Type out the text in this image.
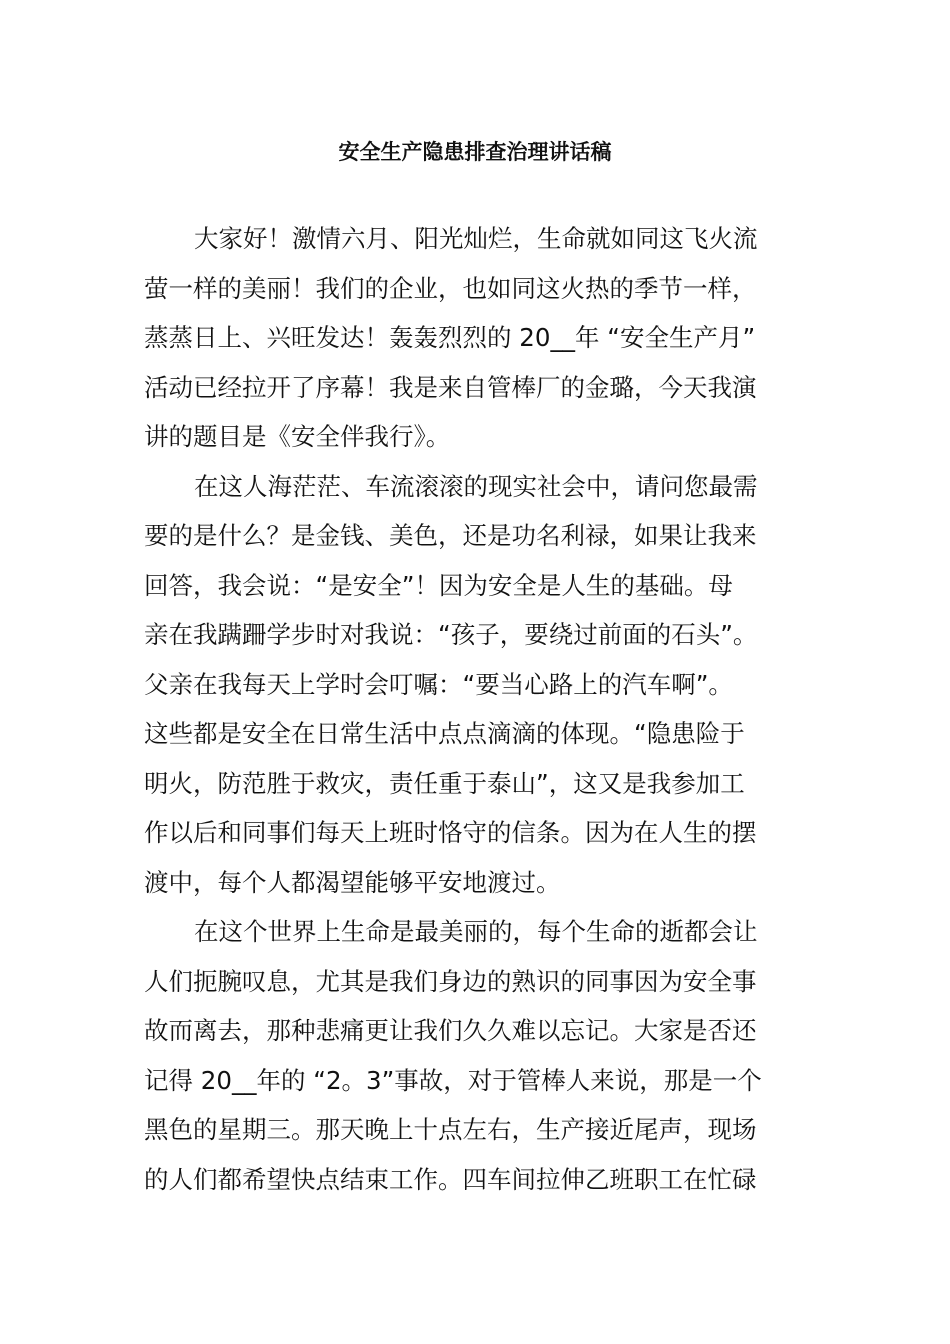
安全生产隐患排查治理讲话稿
大家好！激情六月、阳光灿烂，生命就如同这飞火流
萤一样的美丽！我们的企业，也如同这火热的季节一样，
蒸蒸日上、兴旺发达！轰轰烈烈的 20__年 “安全生产月”
活动已经拉开了序幕！我是来自管棒厂的金璐，今天我演
讲的题目是《安全伴我行》。
在这人海茫茫、车流滚滚的现实社会中，请问您最需
要的是什么？是金钱、美色，还是功名利禄，如果让我来
回答，我会说：“是安全”！因为安全是人生的基础。母
亲在我蹒跚学步时对我说：“孩子，要绕过前面的石头”。
父亲在我每天上学时会叮嘱：“要当心路上的汽车啊”。
这些都是安全在日常生活中点点滴滴的体现。“隐患险于
明火，防范胜于救灾，责任重于泰山”，这又是我参加工
作以后和同事们每天上班时恪守的信条。因为在人生的摆
渡中，每个人都渴望能够平安地渡过。
在这个世界上生命是最美丽的，每个生命的逝都会让
人们扼腕叹息，尤其是我们身边的熟识的同事因为安全事
故而离去，那种悲痛更让我们久久难以忘记。大家是否还
记得 20__年的 “2。3”事故，对于管棒人来说，那是一个
黑色的星期三。那天晚上十点左右，生产接近尾声，现场
的人们都希望快点结束工作。四车间拉伸乙班职工在忙碌
